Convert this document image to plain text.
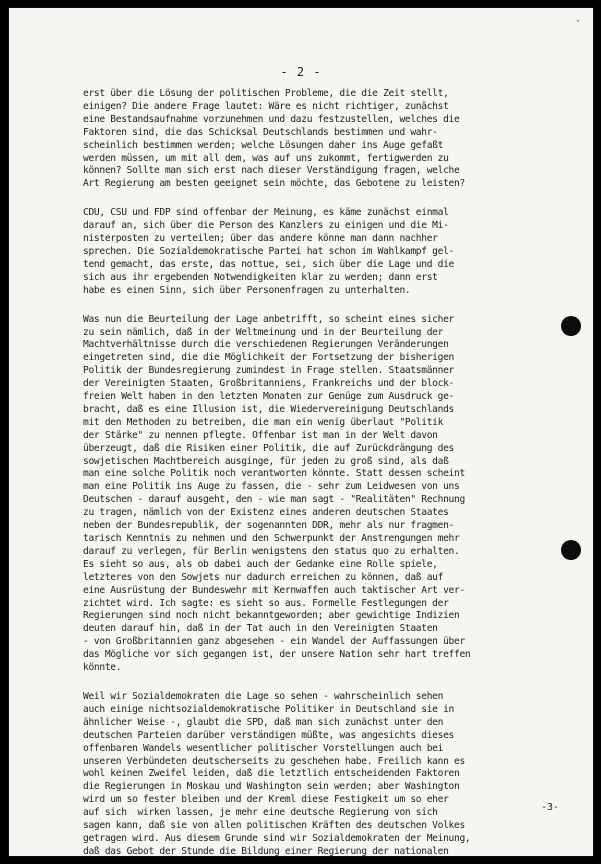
·
- 2 -
erst über die Lösung der politischen Probleme, die die Zeit stellt,
einigen? Die andere Frage lautet: Wäre es nicht richtiger, zunächst
eine Bestandsaufnahme vorzunehmen und dazu festzustellen, welches die
Faktoren sind, die das Schicksal Deutschlands bestimmen und wahr-
scheinlich bestimmen werden; welche Lösungen daher ins Auge gefaßt
werden müssen, um mit all dem, was auf uns zukommt, fertigwerden zu
können? Sollte man sich erst nach dieser Verständigung fragen, welche
Art Regierung am besten geeignet sein möchte, das Gebotene zu leisten?
CDU, CSU und FDP sind offenbar der Meinung, es käme zunächst einmal
darauf an, sich über die Person des Kanzlers zu einigen und die Mi-
nisterposten zu verteilen; über das andere könne man dann nachher
sprechen. Die Sozialdemokratische Partei hat schon im Wahlkampf gel-
tend gemacht, das erste, das nottue, sei, sich über die Lage und die
sich aus ihr ergebenden Notwendigkeiten klar zu werden; dann erst
habe es einen Sinn, sich über Personenfragen zu unterhalten.
Was nun die Beurteilung der Lage anbetrifft, so scheint eines sicher
zu sein nämlich, daß in der Weltmeinung und in der Beurteilung der
Machtverhältnisse durch die verschiedenen Regierungen Veränderungen
eingetreten sind, die die Möglichkeit der Fortsetzung der bisherigen
Politik der Bundesregierung zumindest in Frage stellen. Staatsmänner
der Vereinigten Staaten, Großbritanniens, Frankreichs und der block-
freien Welt haben in den letzten Monaten zur Genüge zum Ausdruck ge-
bracht, daß es eine Illusion ist, die Wiedervereinigung Deutschlands
mit den Methoden zu betreiben, die man ein wenig überlaut "Politik
der Stärke" zu nennen pflegte. Offenbar ist man in der Welt davon
überzeugt, daß die Risiken einer Politik, die auf Zurückdrängung des
sowjetischen Machtbereich ausginge, für jeden zu groß sind, als daß
man eine solche Politik noch verantworten könnte. Statt dessen scheint
man eine Politik ins Auge zu fassen, die - sehr zum Leidwesen von uns
Deutschen - darauf ausgeht, den - wie man sagt - "Realitäten" Rechnung
zu tragen, nämlich von der Existenz eines anderen deutschen Staates
neben der Bundesrepublik, der sogenannten DDR, mehr als nur fragmen-
tarisch Kenntnis zu nehmen und den Schwerpunkt der Anstrengungen mehr
darauf zu verlegen, für Berlin wenigstens den status quo zu erhalten.
Es sieht so aus, als ob dabei auch der Gedanke eine Rolle spiele,
letzteres von den Sowjets nur dadurch erreichen zu können, daß auf
eine Ausrüstung der Bundeswehr mit Kernwaffen auch taktischer Art ver-
zichtet wird. Ich sagte: es sieht so aus. Formelle Festlegungen der
Regierungen sind noch nicht bekanntgeworden; aber gewichtige Indizien
deuten darauf hin, daß in der Tat auch in den Vereinigten Staaten
- von Großbritannien ganz abgesehen - ein Wandel der Auffassungen über
das Mögliche vor sich gegangen ist, der unsere Nation sehr hart treffen
könnte.
Weil wir Sozialdemokraten die Lage so sehen - wahrscheinlich sehen
auch einige nichtsozialdemokratische Politiker in Deutschland sie in
ähnlicher Weise -, glaubt die SPD, daß man sich zunächst unter den
deutschen Parteien darüber verständigen müßte, was angesichts dieses
offenbaren Wandels wesentlicher politischer Vorstellungen auch bei
unseren Verbündeten deutscherseits zu geschehen habe. Freilich kann es
wohl keinen Zweifel leiden, daß die letztlich entscheidenden Faktoren
die Regierungen in Moskau und Washington sein werden; aber Washington
wird um so fester bleiben und der Kreml diese Festigkeit um so eher
auf sich  wirken lassen, je mehr eine deutsche Regierung von sich
sagen kann, daß sie von allen politischen Kräften des deutschen Volkes
getragen wird. Aus diesem Grunde sind wir Sozialdemokraten der Meinung,
daß das Gebot der Stunde die Bildung einer Regierung der nationalen
-3-
